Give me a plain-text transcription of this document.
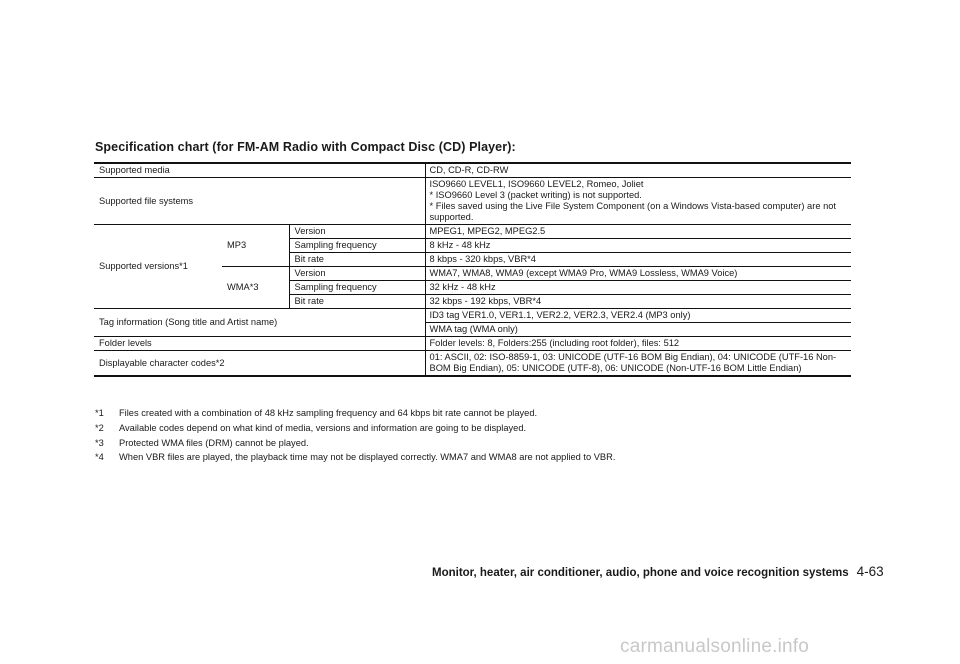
Specification chart (for FM-AM Radio with Compact Disc (CD) Player):
Supported media			CD, CD-R, CD-RW
Supported file systems			ISO9660 LEVEL1, ISO9660 LEVEL2, Romeo, Joliet
* ISO9660 Level 3 (packet writing) is not supported.
* Files saved using the Live File System Component (on a Windows Vista-based computer) are not supported.

Supported versions*1	MP3	Version	MPEG1, MPEG2, MPEG2.5
		Sampling frequency	8 kHz - 48 kHz
		Bit rate	8 kbps - 320 kbps, VBR*4
	WMA*3	Version	WMA7, WMA8, WMA9 (except WMA9 Pro, WMA9 Lossless, WMA9 Voice)
		Sampling frequency	32 kHz - 48 kHz
		Bit rate	32 kbps - 192 kbps, VBR*4
Tag information (Song title and Artist name)			ID3 tag VER1.0, VER1.1, VER2.2, VER2.3, VER2.4 (MP3 only)
			WMA tag (WMA only)
Folder levels			Folder levels: 8, Folders:255 (including root folder), files: 512
Displayable character codes*2			01: ASCII, 02: ISO-8859-1, 03: UNICODE (UTF-16 BOM Big Endian), 04: UNICODE (UTF-16 Non-BOM Big Endian), 05: UNICODE (UTF-8), 06: UNICODE (Non-UTF-16 BOM Little Endian)
*1	Files created with a combination of 48 kHz sampling frequency and 64 kbps bit rate cannot be played.
*2	Available codes depend on what kind of media, versions and information are going to be displayed.
*3	Protected WMA files (DRM) cannot be played.
*4	When VBR files are played, the playback time may not be displayed correctly. WMA7 and WMA8 are not applied to VBR.
Monitor, heater, air conditioner, audio, phone and voice recognition systems 4-63
carmanualsonline.info
